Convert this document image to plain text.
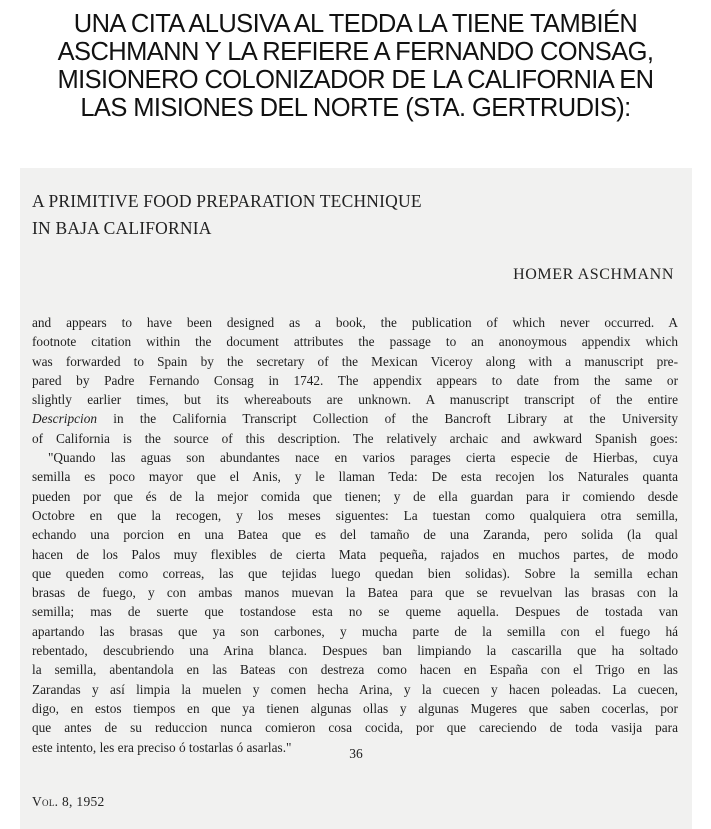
UNA CITA ALUSIVA AL TEDDA LA TIENE TAMBIÉN
ASCHMANN Y LA REFIERE A FERNANDO CONSAG,
MISIONERO COLONIZADOR DE LA CALIFORNIA EN
LAS MISIONES DEL NORTE (STA. GERTRUDIS):
A PRIMITIVE FOOD PREPARATION TECHNIQUE
IN BAJA CALIFORNIA
HOMER ASCHMANN
and appears to have been designed as a book, the publication of which never occurred. A
footnote citation within the document attributes the passage to an anonoymous appendix which
was forwarded to Spain by the secretary of the Mexican Viceroy along with a manuscript pre-
pared by Padre Fernando Consag in 1742. The appendix appears to date from the same or
slightly earlier times, but its whereabouts are unknown. A manuscript transcript of the entire
Descripcion in the California Transcript Collection of the Bancroft Library at the University
of California is the source of this description. The relatively archaic and awkward Spanish goes:
"Quando las aguas son abundantes nace en varios parages cierta especie de Hierbas, cuya
semilla es poco mayor que el Anis, y le llaman Teda: De esta recojen los Naturales quanta
pueden por que és de la mejor comida que tienen; y de ella guardan para ir comiendo desde
Octobre en que la recogen, y los meses siguentes: La tuestan como qualquiera otra semilla,
echando una porcion en una Batea que es del tamaño de una Zaranda, pero solida (la qual
hacen de los Palos muy flexibles de cierta Mata pequeña, rajados en muchos partes, de modo
que queden como correas, las que tejidas luego quedan bien solidas). Sobre la semilla echan
brasas de fuego, y con ambas manos muevan la Batea para que se revuelvan las brasas con la
semilla; mas de suerte que tostandose esta no se queme aquella. Despues de tostada van
apartando las brasas que ya son carbones, y mucha parte de la semilla con el fuego há
rebentado, descubriendo una Arina blanca. Despues ban limpiando la cascarilla que ha soltado
la semilla, abentandola en las Bateas con destreza como hacen en España con el Trigo en las
Zarandas y así limpia la muelen y comen hecha Arina, y la cuecen y hacen poleadas. La cuecen,
digo, en estos tiempos en que ya tienen algunas ollas y algunas Mugeres que saben cocerlas, por
que antes de su reduccion nunca comieron cosa cocida, por que careciendo de toda vasija para
este intento, les era preciso ó tostarlas ó asarlas."	36
Vol. 8, 1952
